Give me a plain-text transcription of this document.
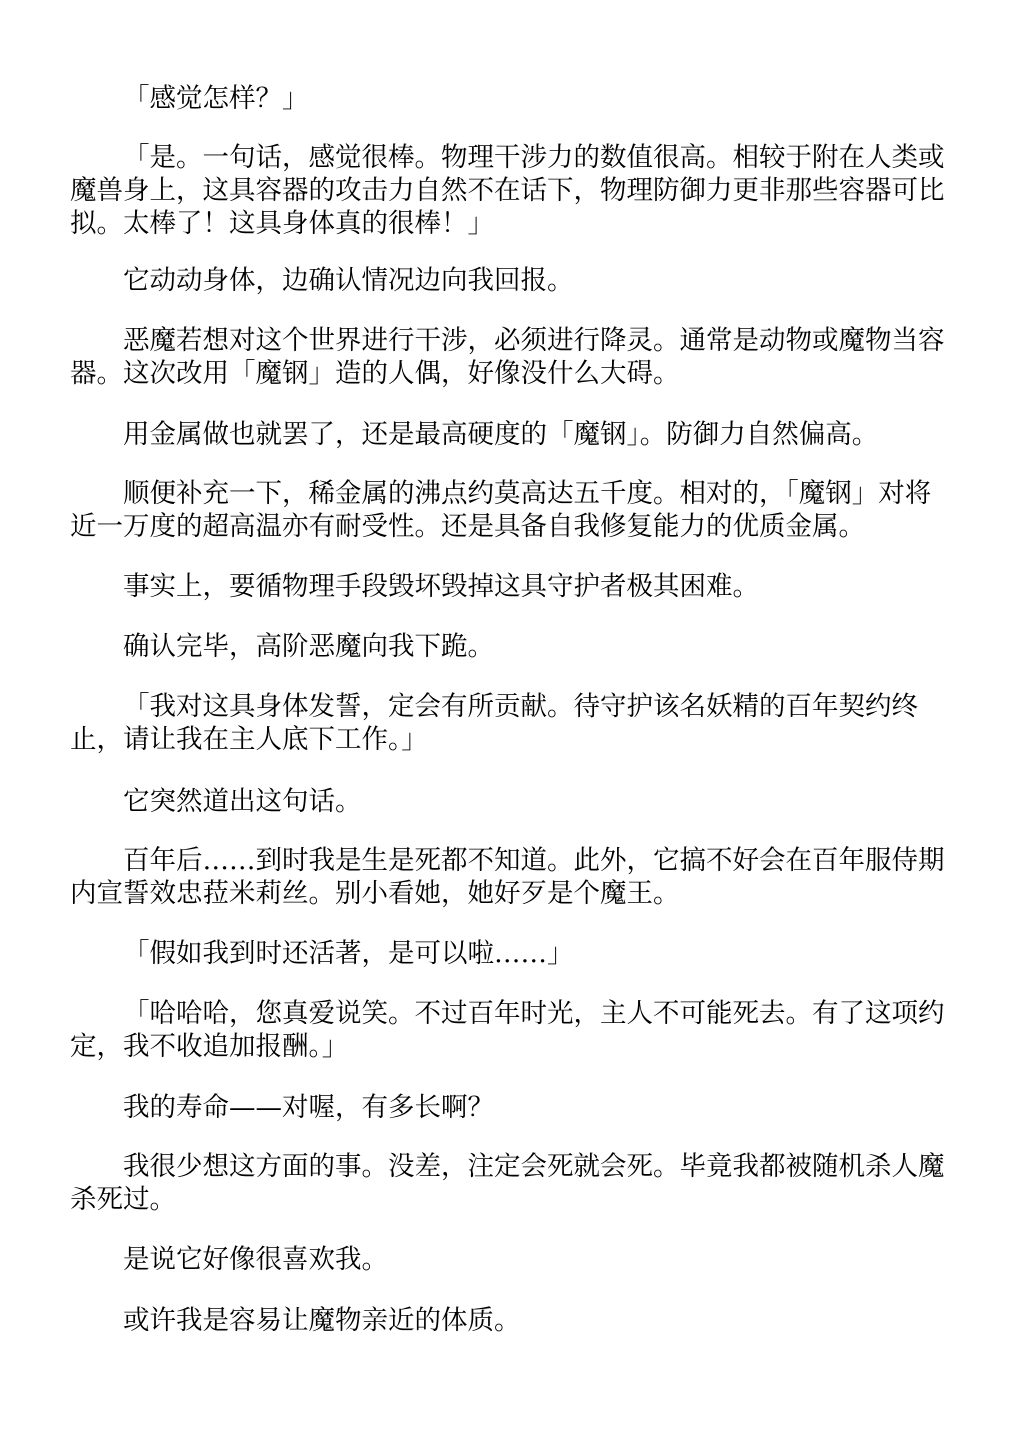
「感觉怎样？」

「是。一句话，感觉很棒。物理干涉力的数值很高。相较于附在人类或魔兽身上，这具容器的攻击力自然不在话下，物理防御力更非那些容器可比拟。太棒了！这具身体真的很棒！」

它动动身体，边确认情况边向我回报。

恶魔若想对这个世界进行干涉，必须进行降灵。通常是动物或魔物当容器。这次改用「魔钢」造的人偶，好像没什么大碍。

用金属做也就罢了，还是最高硬度的「魔钢」。防御力自然偏高。

顺便补充一下，稀金属的沸点约莫高达五千度。相对的，「魔钢」对将近一万度的超高温亦有耐受性。还是具备自我修复能力的优质金属。

事实上，要循物理手段毁坏毁掉这具守护者极其困难。

确认完毕，高阶恶魔向我下跪。

「我对这具身体发誓，定会有所贡献。待守护该名妖精的百年契约终止，请让我在主人底下工作。」

它突然道出这句话。

百年后……到时我是生是死都不知道。此外，它搞不好会在百年服侍期内宣誓效忠菈米莉丝。别小看她，她好歹是个魔王。

「假如我到时还活著，是可以啦……」

「哈哈哈，您真爱说笑。不过百年时光，主人不可能死去。有了这项约定，我不收追加报酬。」

我的寿命——对喔，有多长啊？

我很少想这方面的事。没差，注定会死就会死。毕竟我都被随机杀人魔杀死过。

是说它好像很喜欢我。

或许我是容易让魔物亲近的体质。
